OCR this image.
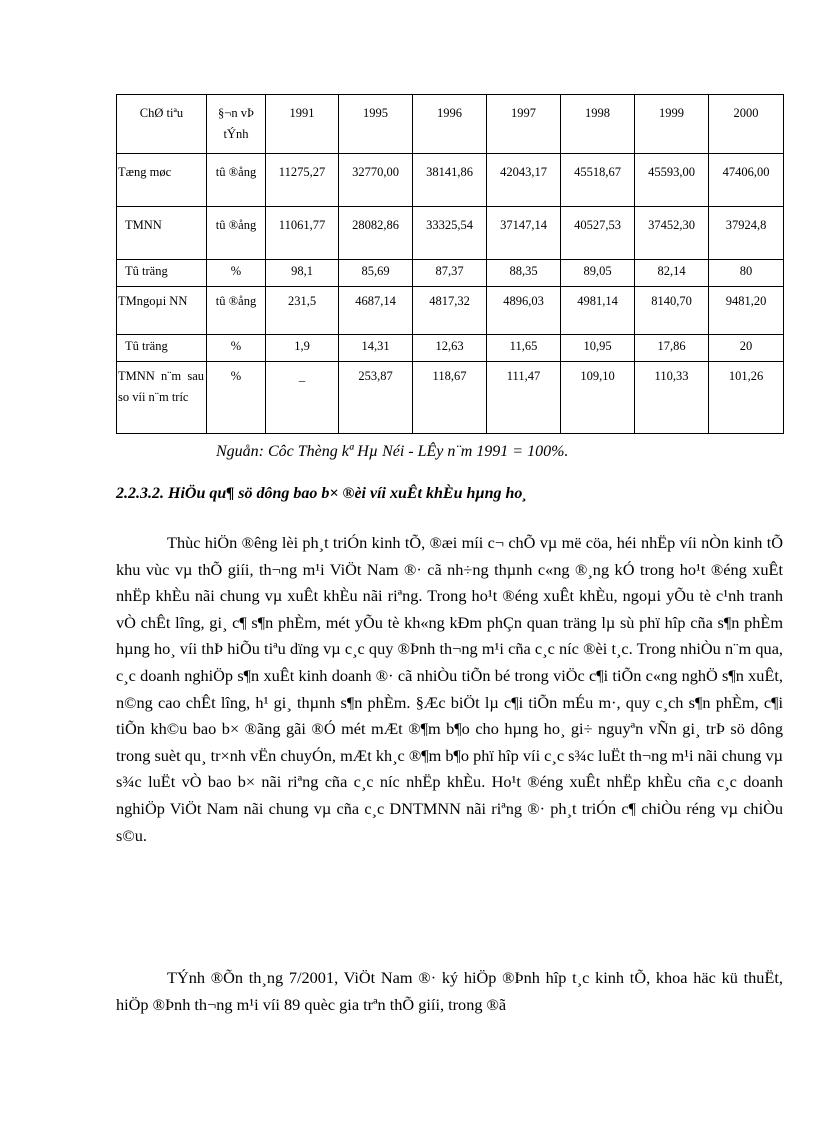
ChØ tiªu	§¬n vÞ tÝnh	1991	1995	1996	1997	1998	1999	2000
Tæng møc	tû ®ång	11275,27	32770,00	38141,86	42043,17	45518,67	45593,00	47406,00
TMNN	tû ®ång	11061,77	28082,86	33325,54	37147,14	40527,53	37452,30	37924,8
Tû träng	%	98,1	85,69	87,37	88,35	89,05	82,14	80
TMngoµi NN	tû ®ång	231,5	4687,14	4817,32	4896,03	4981,14	8140,70	9481,20
Tû träng	%	1,9	14,31	12,63	11,65	10,95	17,86	20
TMNN n¨m sau so víi n¨m tríc	%	_	253,87	118,67	111,47	109,10	110,33	101,26
Nguån: Côc Thèng kª Hµ Néi - LÊy n¨m 1991 = 100%.
2.2.3.2. HiÖu qu¶ sö dông bao b× ®èi víi xuÊt khÈu hµng ho¸

Thùc hiÖn ®êng lèi ph¸t triÓn kinh tÕ, ®æi míi c¬ chÕ vµ më cöa, héi nhËp víi nÒn kinh tÕ khu vùc vµ thÕ giíi, th¬ng m¹i ViÖt Nam ®· cã nh÷ng thµnh c«ng ®¸ng kÓ trong ho¹t ®éng xuÊt nhËp khÈu nãi chung vµ xuÊt khÈu nãi riªng. Trong ho¹t ®éng xuÊt khÈu, ngoµi yÕu tè c¹nh tranh vÒ chÊt lîng, gi¸ c¶ s¶n phÈm, mét yÕu tè kh«ng kÐm phÇn quan träng lµ sù phï hîp cña s¶n phÈm hµng ho¸ víi thÞ hiÕu tiªu dïng vµ c¸c quy ®Þnh th¬ng m¹i cña c¸c níc ®èi t¸c. Trong nhiÒu n¨m qua, c¸c doanh nghiÖp s¶n xuÊt kinh doanh ®· cã nhiÒu tiÕn bé trong viÖc c¶i tiÕn c«ng nghÖ s¶n xuÊt, n©ng cao chÊt lîng, h¹ gi¸ thµnh s¶n phÈm. §Æc biÖt lµ c¶i tiÕn mÉu m·, quy c¸ch s¶n phÈm, c¶i tiÕn kh©u bao b× ®ãng gãi ®Ó mét mÆt ®¶m b¶o cho hµng ho¸ gi÷ nguyªn vÑn gi¸ trÞ sö dông trong suèt qu¸ tr×nh vËn chuyÓn, mÆt kh¸c ®¶m b¶o phï hîp víi c¸c s¾c luËt th¬ng m¹i nãi chung vµ s¾c luËt vÒ bao b× nãi riªng cña c¸c níc nhËp khÈu. Ho¹t ®éng xuÊt nhËp khÈu cña c¸c doanh nghiÖp ViÖt Nam nãi chung vµ cña c¸c DNTMNN nãi riªng ®· ph¸t triÓn c¶ chiÒu réng vµ chiÒu s©u.

TÝnh ®Õn th¸ng 7/2001, ViÖt Nam ®· ký hiÖp ®Þnh hîp t¸c kinh tÕ, khoa häc kü thuËt, hiÖp ®Þnh th¬ng m¹i víi 89 quèc gia trªn thÕ giíi, trong ®ã
